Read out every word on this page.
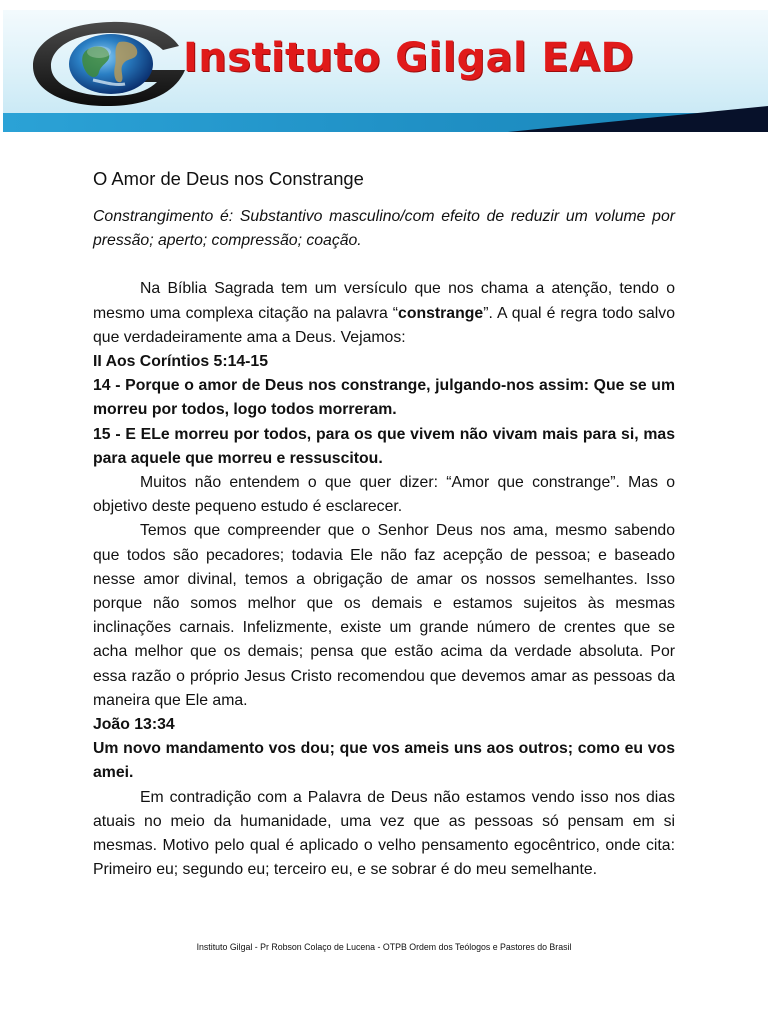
Instituto Gilgal EAD
O Amor de Deus nos Constrange

Constrangimento é: Substantivo masculino/com efeito de reduzir um volume por pressão; aperto; compressão; coação.

Na Bíblia Sagrada tem um versículo que nos chama a atenção, tendo o mesmo uma complexa citação na palavra “constrange”. A qual é regra todo salvo que verdadeiramente ama a Deus. Vejamos:

II Aos Coríntios 5:14-15

14 - Porque o amor de Deus nos constrange, julgando-nos assim: Que se um morreu por todos, logo todos morreram.

15 - E ELe morreu por todos, para os que vivem não vivam mais para si, mas para aquele que morreu e ressuscitou.

Muitos não entendem o que quer dizer: “Amor que constrange”. Mas o objetivo deste pequeno estudo é esclarecer.

Temos que compreender que o Senhor Deus nos ama, mesmo sabendo que todos são pecadores; todavia Ele não faz acepção de pessoa; e baseado nesse amor divinal, temos a obrigação de amar os nossos semelhantes. Isso porque não somos melhor que os demais e estamos sujeitos às mesmas inclinações carnais. Infelizmente, existe um grande número de crentes que se acha melhor que os demais; pensa que estão acima da verdade absoluta. Por essa razão o próprio Jesus Cristo recomendou que devemos amar as pessoas da maneira que Ele ama.

João 13:34

Um novo mandamento vos dou; que vos ameis uns aos outros; como eu vos amei.

Em contradição com a Palavra de Deus não estamos vendo isso nos dias atuais no meio da humanidade, uma vez que as pessoas só pensam em si mesmas. Motivo pelo qual é aplicado o velho pensamento egocêntrico, onde cita: Primeiro eu; segundo eu; terceiro eu, e se sobrar é do meu semelhante.

Instituto Gilgal - Pr Robson Colaço de Lucena - OTPB Ordem dos Teólogos e Pastores do Brasil
